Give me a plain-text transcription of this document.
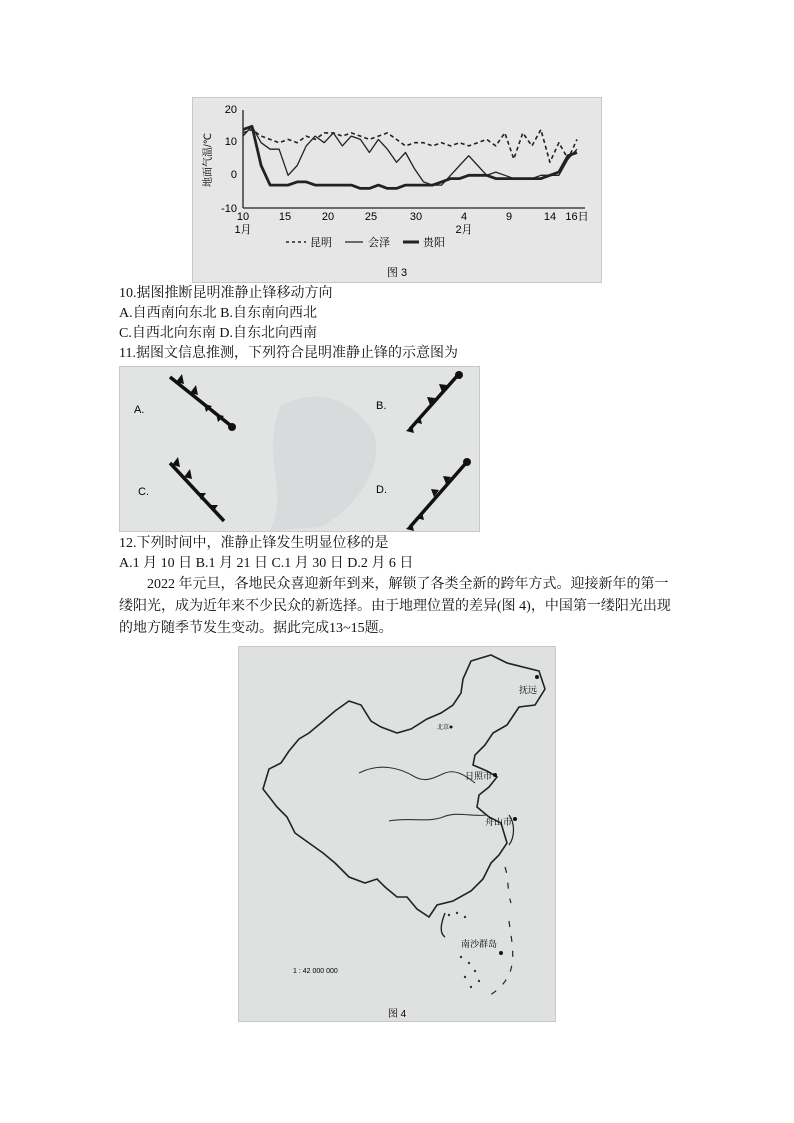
地面气温/℃
20
10
0
-10
10	15	20	25	30	4	9	14 16日
1月	2月
昆明	会泽	贵阳
图 3
10.据图推断昆明准静止锋移动方向
A.自西南向东北 B.自东南向西北
C.自西北向东南 D.自东北向西南
11.据图文信息推测，下列符合昆明准静止锋的示意图为
A.	B.
C.	D.
12.下列时间中，准静止锋发生明显位移的是
A.1 月 10 日 B.1 月 21 日 C.1 月 30 日 D.2 月 6 日
2022 年元旦，各地民众喜迎新年到来，解锁了各类全新的跨年方式。迎接新年的第一缕阳光，成为近年来不少民众的新选择。由于地理位置的差异(图 4)，中国第一缕阳光出现的地方随季节发生变动。据此完成13~15题。
抚远
北京
日照市
舟山市
南沙群岛
1 : 42 000 000
图 4
